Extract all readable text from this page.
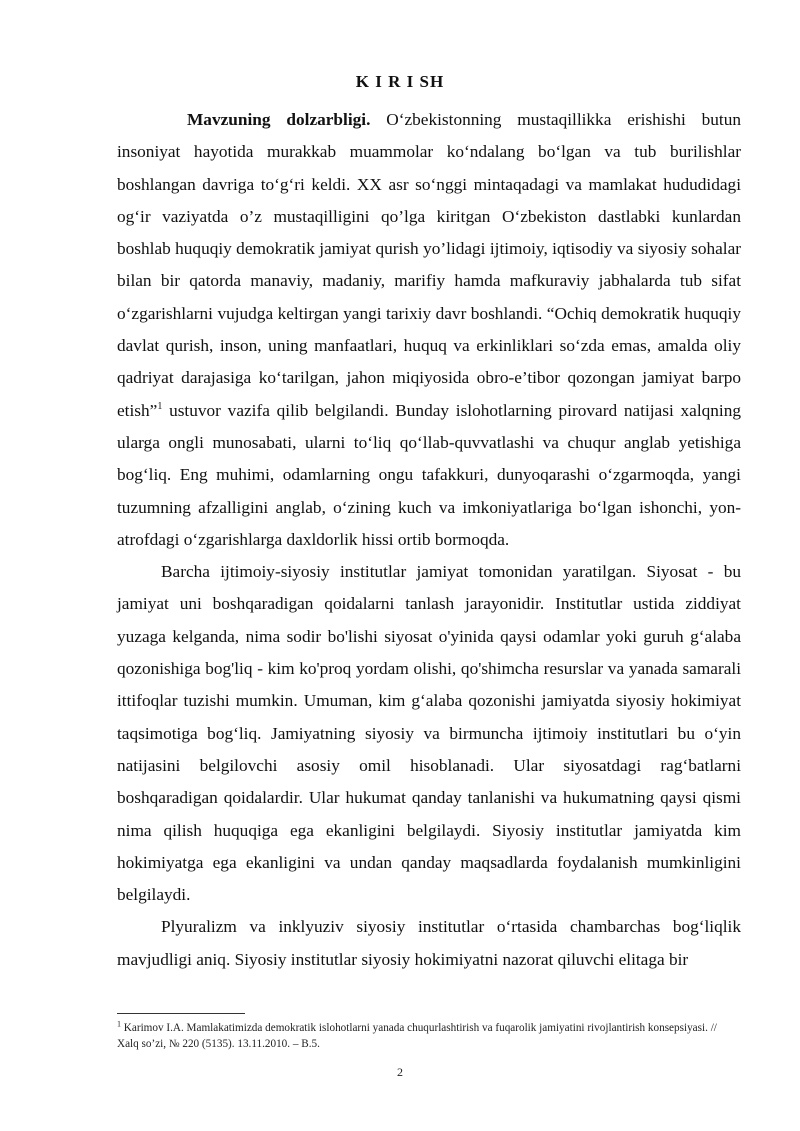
K I R I SH

Mavzuning dolzarbligi. O‘zbekistonning mustaqillikka erishishi butun insoniyat hayotida murakkab muammolar ko‘ndalang bo‘lgan va tub burilishlar boshlangan davriga to‘g‘ri keldi. XX asr so‘nggi mintaqadagi va mamlakat hududidagi og‘ir vaziyatda o’z mustaqilligini qo’lga kiritgan O‘zbekiston dastlabki kunlardan boshlab huquqiy demokratik jamiyat qurish yo’lidagi ijtimoiy, iqtisodiy va siyosiy sohalar bilan bir qatorda manaviy, madaniy, marifiy hamda mafkuraviy jabhalarda tub sifat o‘zgarishlarni vujudga keltirgan yangi tarixiy davr boshlandi. “Ochiq demokratik huquqiy davlat qurish, inson, uning manfaatlari, huquq va erkinliklari so‘zda emas, amalda oliy qadriyat darajasiga ko‘tarilgan, jahon miqiyosida obro-e’tibor qozongan jamiyat barpo etish”$^1$ ustuvor vazifa qilib belgilandi. Bunday islohotlarning pirovard natijasi xalqning ularga ongli munosabati, ularni to‘liq qo‘llab-quvvatlashi va chuqur anglab yetishiga bog‘liq. Eng muhimi, odamlarning ongu tafakkuri, dunyoqarashi o‘zgarmoqda, yangi tuzumning afzalligini anglab, o‘zining kuch va imkoniyatlariga bo‘lgan ishonchi, yon-atrofdagi o‘zgarishlarga daxldorlik hissi ortib bormoqda.

Barcha ijtimoiy-siyosiy institutlar jamiyat tomonidan yaratilgan. Siyosat - bu jamiyat uni boshqaradigan qoidalarni tanlash jarayonidir. Institutlar ustida ziddiyat yuzaga kelganda, nima sodir bo'lishi siyosat o'yinida qaysi odamlar yoki guruh g‘alaba qozonishiga bog'liq - kim ko'proq yordam olishi, qo'shimcha resurslar va yanada samarali ittifoqlar tuzishi mumkin. Umuman, kim g‘alaba qozonishi jamiyatda siyosiy hokimiyat taqsimotiga bog‘liq. Jamiyatning siyosiy va birmuncha ijtimoiy institutlari bu o‘yin natijasini belgilovchi asosiy omil hisoblanadi. Ular siyosatdagi rag‘batlarni boshqaradigan qoidalardir. Ular hukumat qanday tanlanishi va hukumatning qaysi qismi nima qilish huquqiga ega ekanligini belgilaydi. Siyosiy institutlar jamiyatda kim hokimiyatga ega ekanligini va undan qanday maqsadlarda foydalanish mumkinligini belgilaydi.

Plyuralizm va inklyuziv siyosiy institutlar o‘rtasida chambarchas bog‘liqlik mavjudligi aniq. Siyosiy institutlar siyosiy hokimiyatni nazorat qiluvchi elitaga bir

$^1$ Karimov I.A. Mamlakatimizda demokratik islohotlarni yanada chuqurlashtirish va fuqarolik jamiyatini rivojlantirish konsepsiyasi. // Xalq so’zi, № 220 (5135). 13.11.2010. – B.5.
2
